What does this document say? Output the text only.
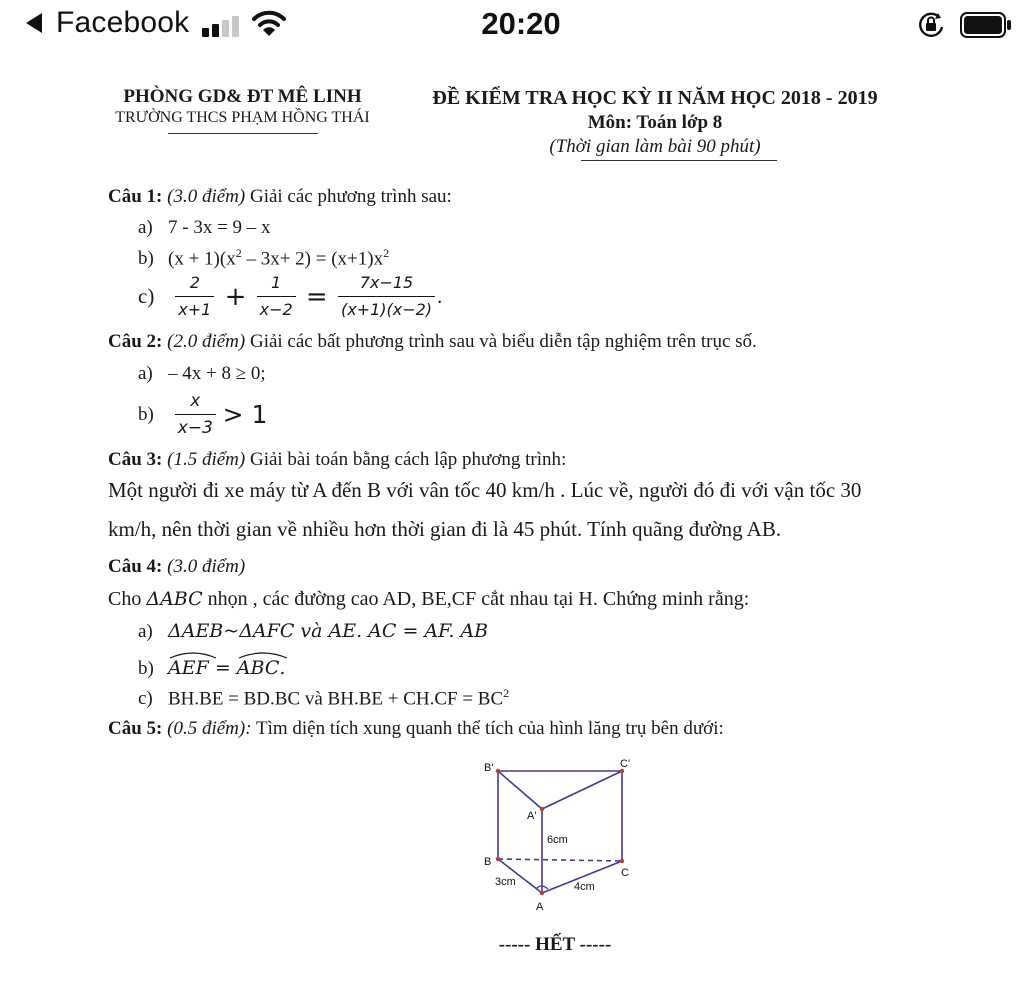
Facebook	20:20
PHÒNG GD& ĐT MÊ LINH
TRƯỜNG THCS PHẠM HỒNG THÁI
ĐỀ KIỂM TRA HỌC KỲ II NĂM HỌC 2018 - 2019
Môn: Toán lớp 8
(Thời gian làm bài 90 phút)
Câu 1: (3.0 điểm) Giải các phương trình sau:
a) 7 - 3x = 9 – x
b) $(x + 1)(x^2 - 3x+ 2) = (x+1)x^2$
$c) \frac{2}{x+1} + \frac{1}{x-2} = \frac{7x-15}{(x+1)(x-2)}$ .
Câu 2: (2.0 điểm) Giải các bất phương trình sau và biểu diễn tập nghiệm trên trục số.
a) – 4x + 8 ≥ 0;
$b) \frac{x}{x-3} > 1$
Câu 3: (1.5 điểm) Giải bài toán bằng cách lập phương trình:
Một người đi xe máy từ A đến B với vân tốc 40 km/h . Lúc về, người đó đi với vận tốc 30
km/h, nên thời gian về nhiều hơn thời gian đi là 45 phút. Tính quãng đường AB.
Câu 4: (3.0 điểm)
Cho ΔABC nhọn , các đường cao AD, BE,CF cắt nhau tại H. Chứng minh rằng:
a) ΔAEB~ΔAFC và AE. AC = AF. AB
b) AEF =
ABC.
c) BH.BE = BD.BC và $BH.BE + CH.CF = BC^2$
Câu 5: (0.5 điểm): Tìm diện tích xung quanh thể tích của hình lăng trụ bên dưới:
B'	C'
A'
B
C
A
6cm
3cm	4cm
----- HẾT -----
